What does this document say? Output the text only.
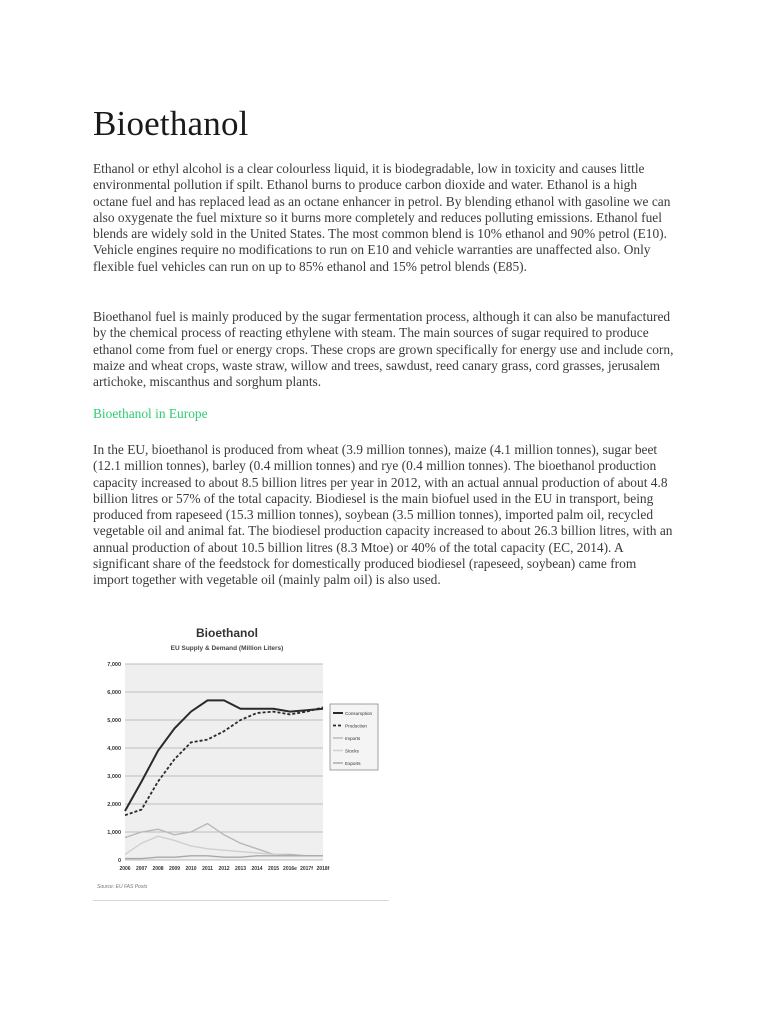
Bioethanol

Ethanol or ethyl alcohol is a clear colourless liquid, it is biodegradable, low in toxicity and causes little environmental pollution if spilt. Ethanol burns to produce carbon dioxide and water. Ethanol is a high octane fuel and has replaced lead as an octane enhancer in petrol. By blending ethanol with gasoline we can also oxygenate the fuel mixture so it burns more completely and reduces polluting emissions. Ethanol fuel blends are widely sold in the United States. The most common blend is 10% ethanol and 90% petrol (E10). Vehicle engines require no modifications to run on E10 and vehicle warranties are unaffected also. Only flexible fuel vehicles can run on up to 85% ethanol and 15% petrol blends (E85).

Bioethanol fuel is mainly produced by the sugar fermentation process, although it can also be manufactured by the chemical process of reacting ethylene with steam. The main sources of sugar required to produce ethanol come from fuel or energy crops. These crops are grown specifically for energy use and include corn, maize and wheat crops, waste straw, willow and trees, sawdust, reed canary grass, cord grasses, jerusalem artichoke, miscanthus and sorghum plants.

Bioethanol in Europe

In the EU, bioethanol is produced from wheat (3.9 million tonnes), maize (4.1 million tonnes), sugar beet (12.1 million tonnes), barley (0.4 million tonnes) and rye (0.4 million tonnes). The bioethanol production capacity increased to about 8.5 billion litres per year in 2012, with an actual annual production of about 4.8 billion litres or 57% of the total capacity. Biodiesel is the main biofuel used in the EU in transport, being produced from rapeseed (15.3 million tonnes), soybean (3.5 million tonnes), imported palm oil, recycled vegetable oil and animal fat. The biodiesel production capacity increased to about 26.3 billion litres, with an annual production of about 10.5 billion litres (8.3 Mtoe) or 40% of the total capacity (EC, 2014). A significant share of the feedstock for domestically produced biodiesel (rapeseed, soybean) came from import together with vegetable oil (mainly palm oil) is also used.

Bioethanol
EU Supply & Demand (Million Liters)
0
1,000
2,000
3,000
4,000
5,000
6,000
7,000
2006 2007 2008 2009 2010 2011 2012 2013 2014 2015 2016e 2017f 2018f
Consumption
Production
Imports
Stocks
Exports
Source: EU FAS Posts
